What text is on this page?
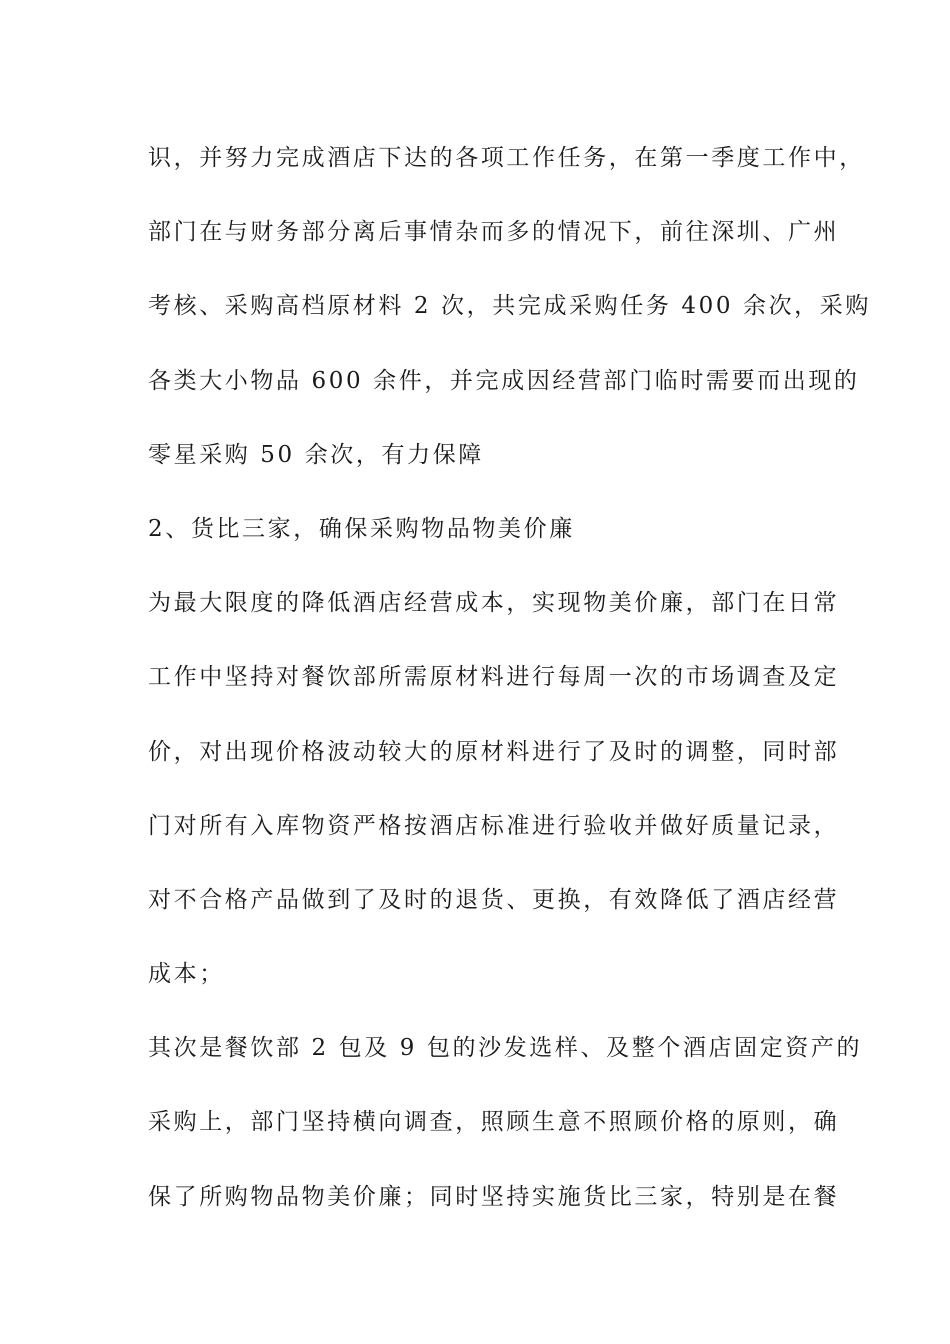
识，并努力完成酒店下达的各项工作任务，在第一季度工作中，
部门在与财务部分离后事情杂而多的情况下，前往深圳、广州
考核、采购高档原材料 2 次，共完成采购任务 400 余次，采购
各类大小物品 600 余件，并完成因经营部门临时需要而出现的
零星采购 50 余次，有力保障
2、货比三家，确保采购物品物美价廉
为最大限度的降低酒店经营成本，实现物美价廉，部门在日常
工作中坚持对餐饮部所需原材料进行每周一次的市场调查及定
价，对出现价格波动较大的原材料进行了及时的调整，同时部
门对所有入库物资严格按酒店标准进行验收并做好质量记录，
对不合格产品做到了及时的退货、更换，有效降低了酒店经营
成本；
其次是餐饮部 2 包及 9 包的沙发选样、及整个酒店固定资产的
采购上，部门坚持横向调查，照顾生意不照顾价格的原则，确
保了所购物品物美价廉；同时坚持实施货比三家，特别是在餐
